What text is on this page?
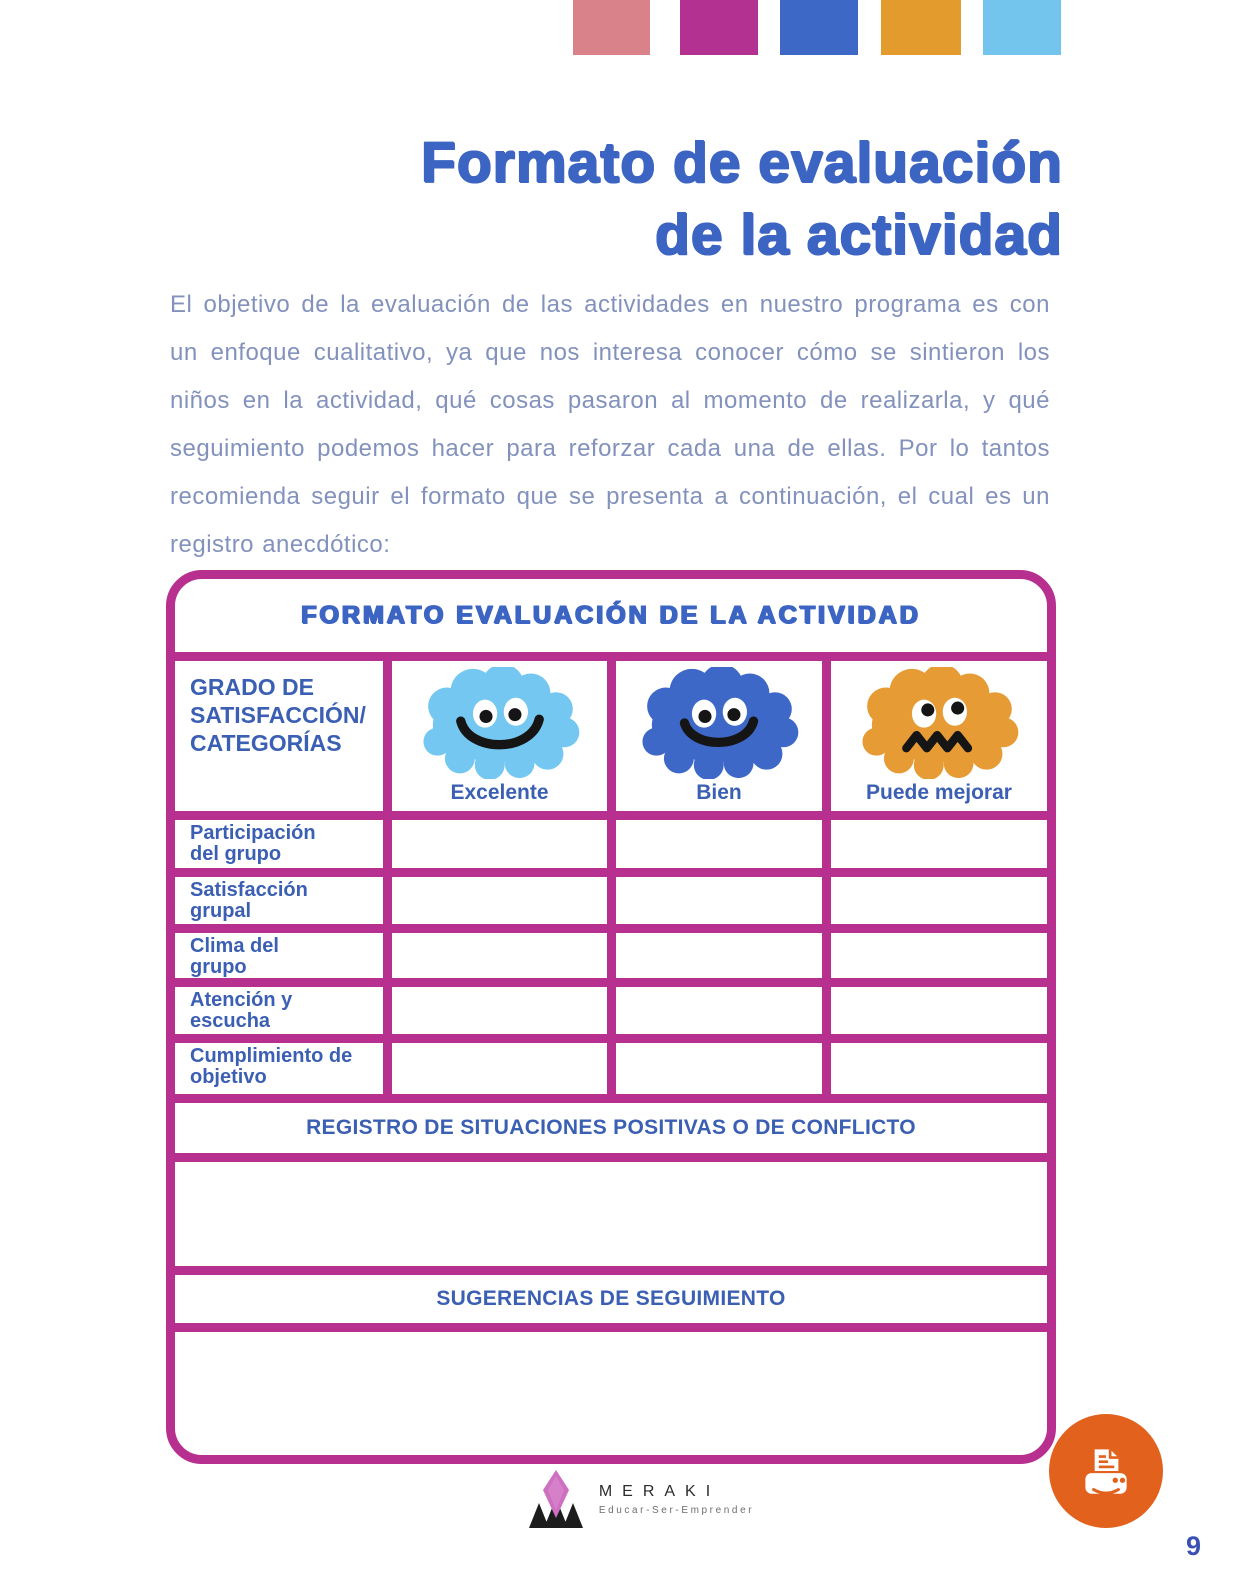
Formato de evaluación
de la actividad
El objetivo de la evaluación de las actividades en nuestro programa es con
un enfoque cualitativo, ya que nos interesa conocer cómo se sintieron los
niños en la actividad, qué cosas pasaron al momento de realizarla, y qué
seguimiento podemos hacer para reforzar cada una de ellas. Por lo tantos
recomienda seguir el formato que se presenta a continuación, el cual es un
registro anecdótico:
FORMATO EVALUACIÓN DE LA ACTIVIDAD
GRADO DE
SATISFACCIÓN/
CATEGORÍAS
Excelente	Bien	Puede mejorar
Participación
del grupo
Satisfacción
grupal
Clima del
grupo
Atención y
escucha
Cumplimiento de
objetivo
REGISTRO DE SITUACIONES POSITIVAS O DE CONFLICTO
SUGERENCIAS DE SEGUIMIENTO
MERAKI
Educar-Ser-Emprender
9
